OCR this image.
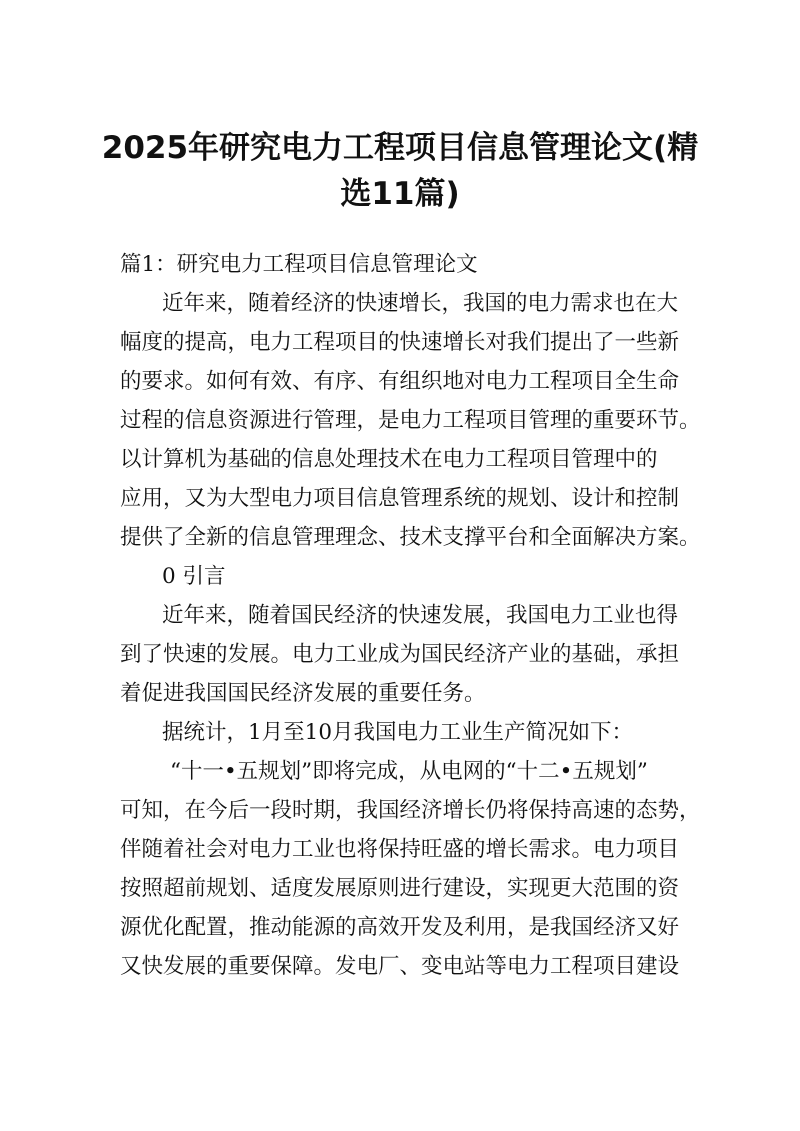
2025年研究电力工程项目信息管理论文(精
选11篇)
篇1：研究电力工程项目信息管理论文
近年来，随着经济的快速增长，我国的电力需求也在大
幅度的提高，电力工程项目的快速增长对我们提出了一些新
的要求。如何有效、有序、有组织地对电力工程项目全生命
过程的信息资源进行管理，是电力工程项目管理的重要环节。
以计算机为基础的信息处理技术在电力工程项目管理中的
应用，又为大型电力项目信息管理系统的规划、设计和控制
提供了全新的信息管理理念、技术支撑平台和全面解决方案。
0 引言
近年来，随着国民经济的快速发展，我国电力工业也得
到了快速的发展。电力工业成为国民经济产业的基础，承担
着促进我国国民经济发展的重要任务。
据统计，1月至10月我国电力工业生产简况如下：
“十一•五规划”即将完成，从电网的“十二•五规划”
可知，在今后一段时期，我国经济增长仍将保持高速的态势，
伴随着社会对电力工业也将保持旺盛的增长需求。电力项目
按照超前规划、适度发展原则进行建设，实现更大范围的资
源优化配置，推动能源的高效开发及利用，是我国经济又好
又快发展的重要保障。发电厂、变电站等电力工程项目建设
